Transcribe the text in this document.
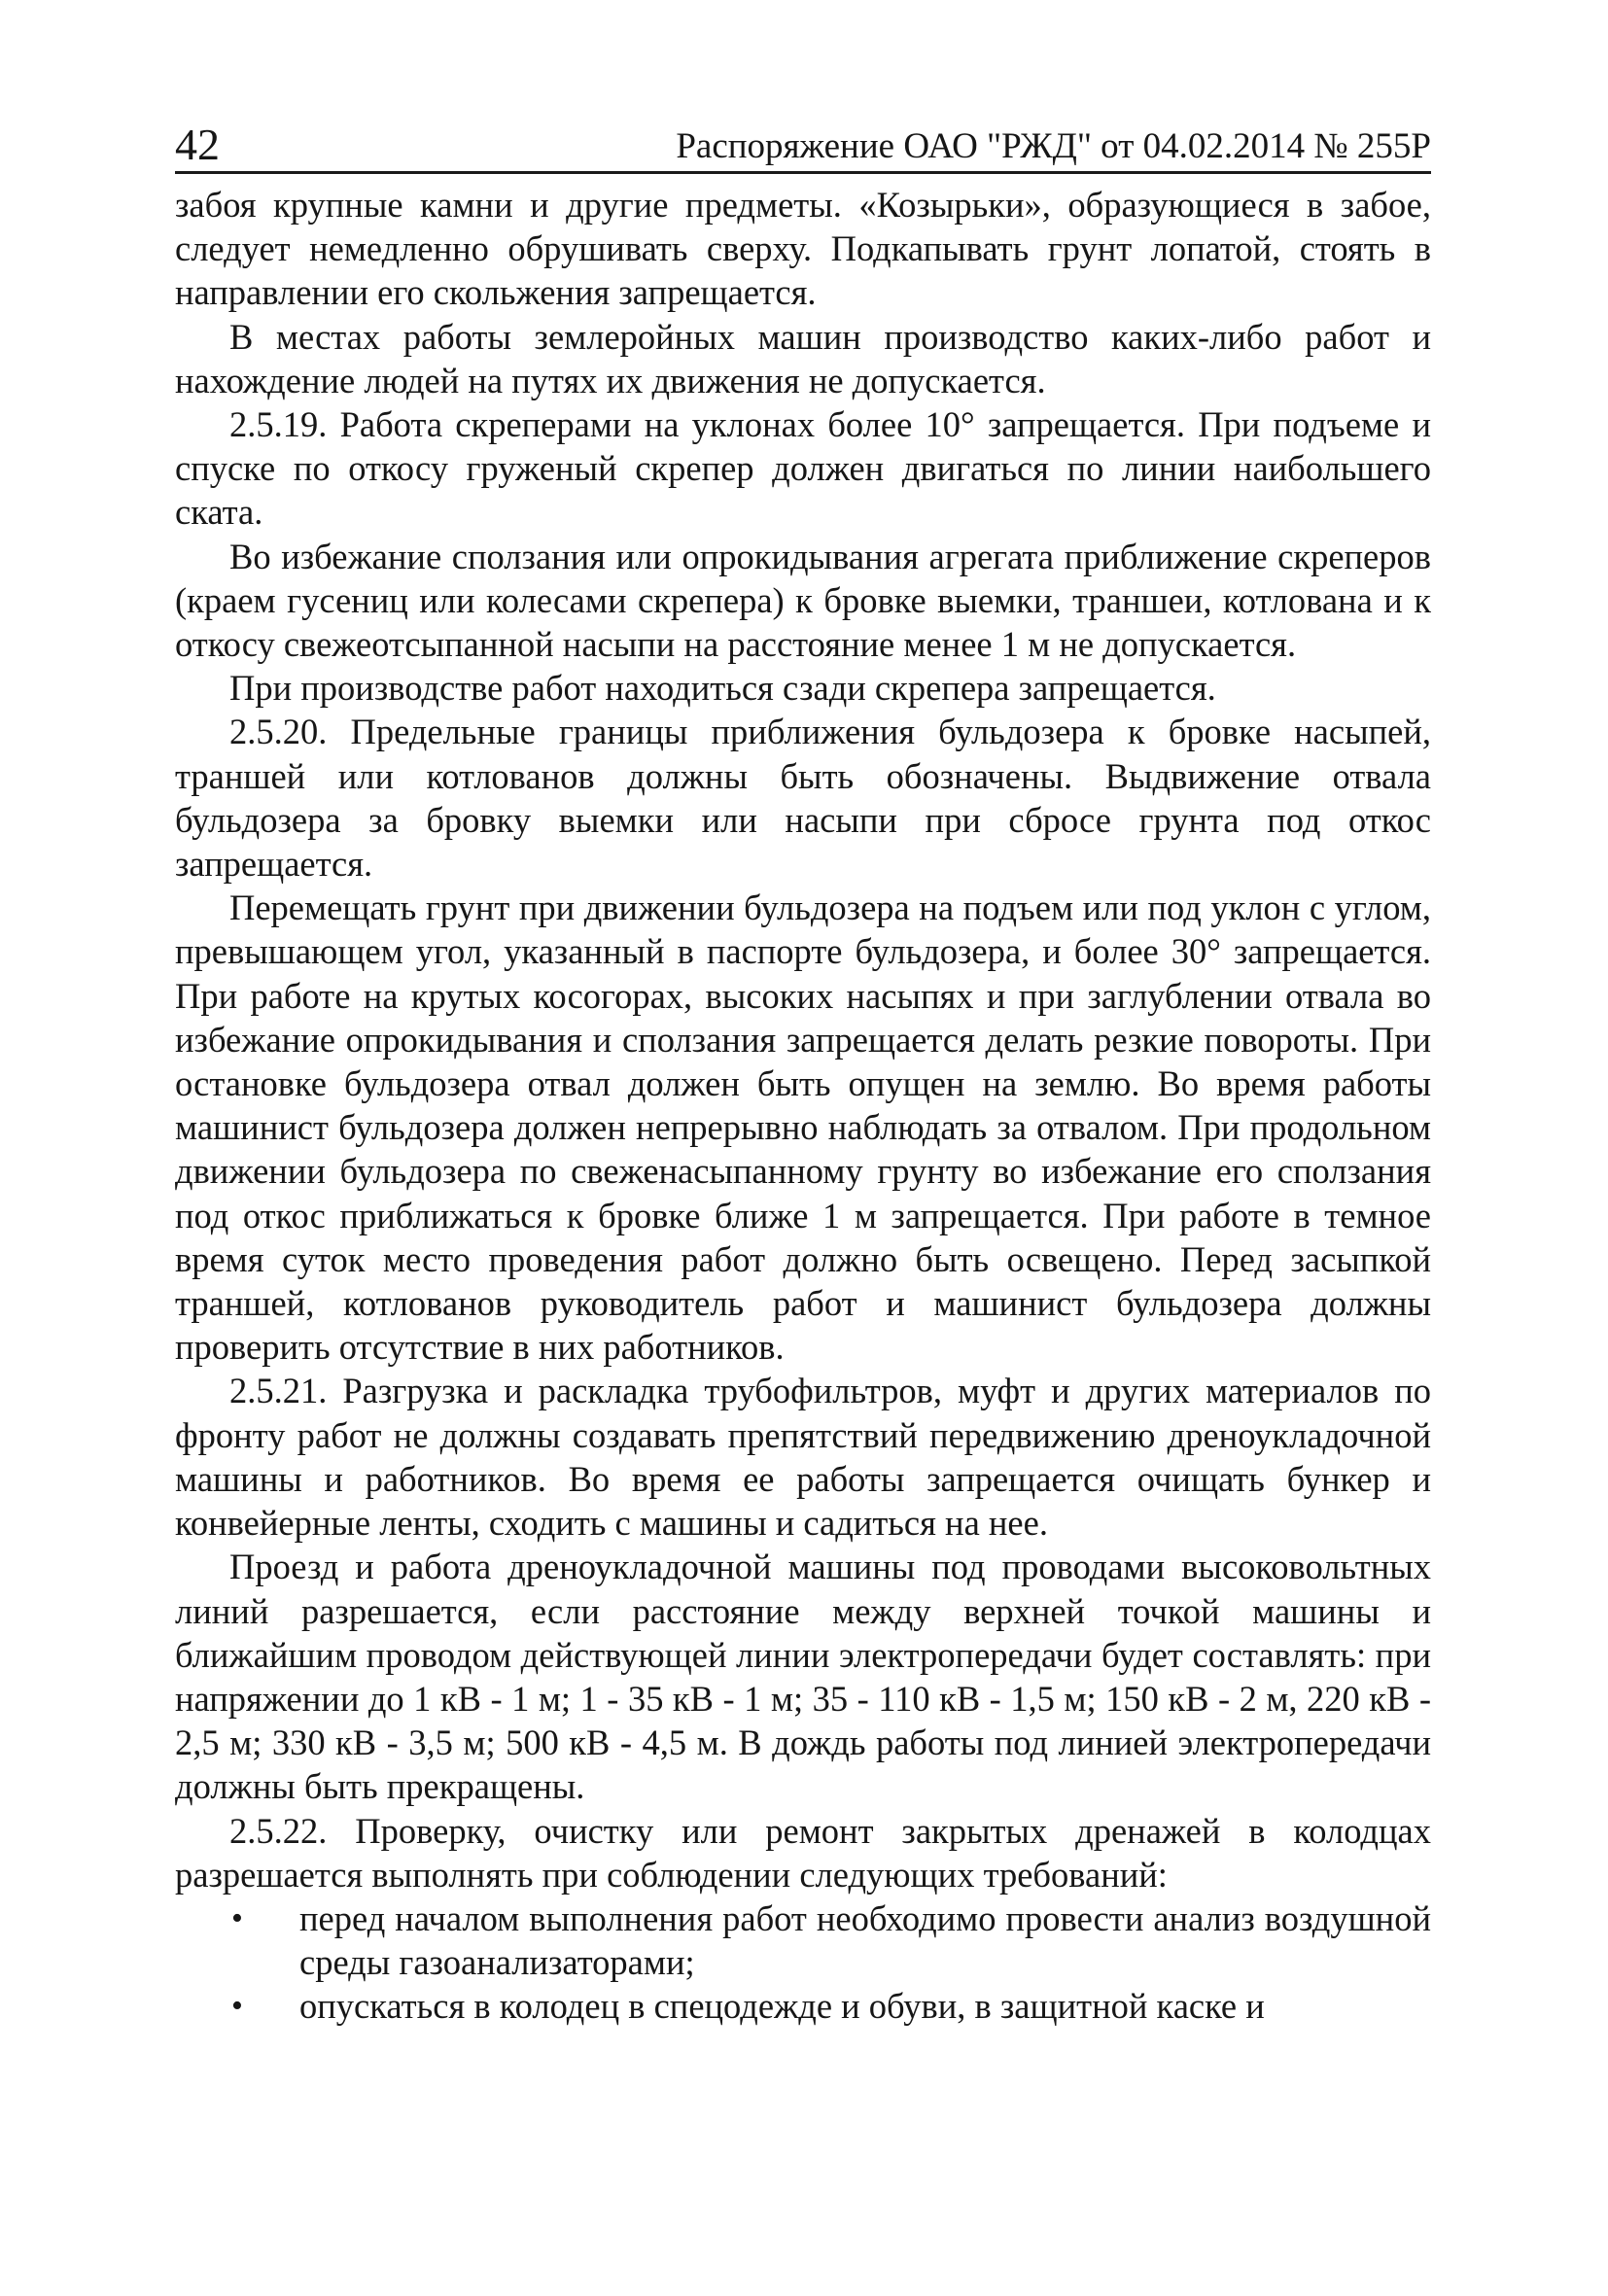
42	Распоряжение ОАО "РЖД" от 04.02.2014 № 255Р

забоя крупные камни и другие предметы. «Козырьки», образующиеся в забое, следует немедленно обрушивать сверху. Подкапывать грунт лопатой, стоять в направлении его скольжения запрещается.

В местах работы землеройных машин производство каких-либо работ и нахождение людей на путях их движения не допускается.

2.5.19. Работа скреперами на уклонах более 10° запрещается. При подъеме и спуске по откосу груженый скрепер должен двигаться по линии наибольшего ската.

Во избежание сползания или опрокидывания агрегата приближение скреперов (краем гусениц или колесами скрепера) к бровке выемки, траншеи, котлована и к откосу свежеотсыпанной насыпи на расстояние менее 1 м не допускается.

При производстве работ находиться сзади скрепера запрещается.

2.5.20. Предельные границы приближения бульдозера к бровке насыпей, траншей или котлованов должны быть обозначены. Выдвижение отвала бульдозера за бровку выемки или насыпи при сбросе грунта под откос запрещается.

Перемещать грунт при движении бульдозера на подъем или под уклон с углом, превышающем угол, указанный в паспорте бульдозера, и более 30° запрещается. При работе на крутых косогорах, высоких насыпях и при заглублении отвала во избежание опрокидывания и сползания запрещается делать резкие повороты. При остановке бульдозера отвал должен быть опущен на землю. Во время работы машинист бульдозера должен непрерывно наблюдать за отвалом. При продольном движении бульдозера по свеженасыпанному грунту во избежание его сползания под откос приближаться к бровке ближе 1 м запрещается. При работе в темное время суток место проведения работ должно быть освещено. Перед засыпкой траншей, котлованов руководитель работ и машинист бульдозера должны проверить отсутствие в них работников.

2.5.21. Разгрузка и раскладка трубофильтров, муфт и других материалов по фронту работ не должны создавать препятствий передвижению дреноукладочной машины и работников. Во время ее работы запрещается очищать бункер и конвейерные ленты, сходить с машины и садиться на нее.

Проезд и работа дреноукладочной машины под проводами высоковольтных линий разрешается, если расстояние между верхней точкой машины и ближайшим проводом действующей линии электропередачи будет составлять: при напряжении до 1 кВ - 1 м; 1 - 35 кВ - 1 м; 35 - 110 кВ - 1,5 м; 150 кВ - 2 м, 220 кВ - 2,5 м; 330 кВ - 3,5 м; 500 кВ - 4,5 м. В дождь работы под линией электропередачи должны быть прекращены.

2.5.22. Проверку, очистку или ремонт закрытых дренажей в колодцах разрешается выполнять при соблюдении следующих требований:

• перед началом выполнения работ необходимо провести анализ воздушной среды газоанализаторами;
• опускаться в колодец в спецодежде и обуви, в защитной каске и
